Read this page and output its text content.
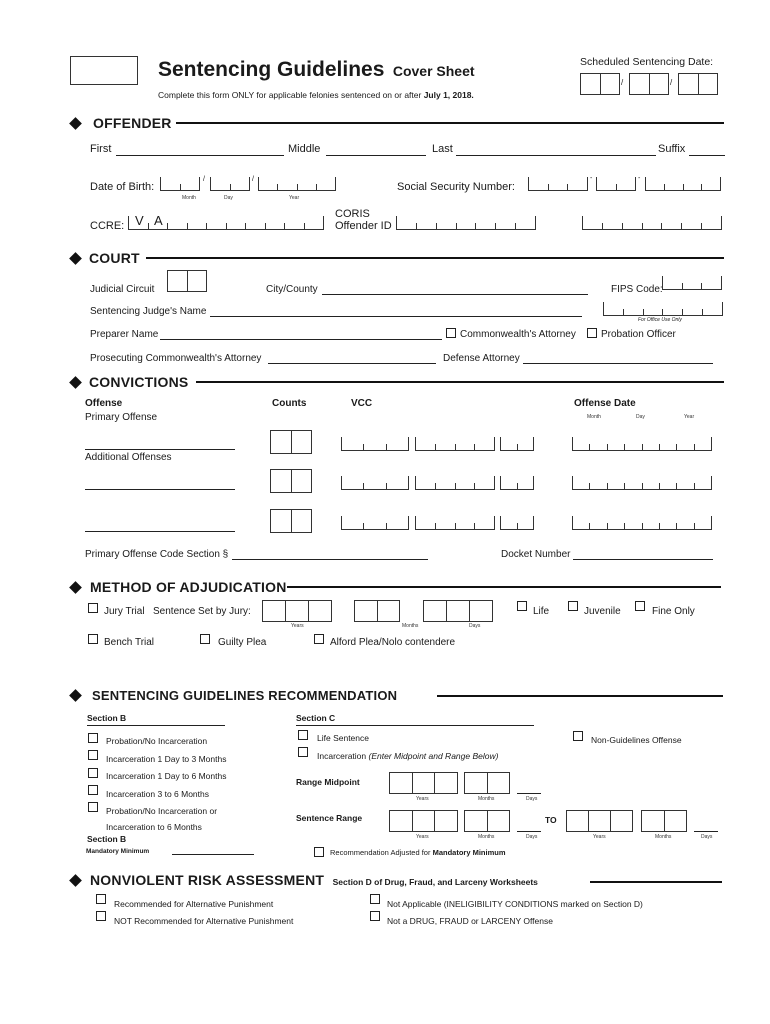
Sentencing Guidelines Cover Sheet
Complete this form ONLY for applicable felonies sentenced on or after July 1, 2018.
Scheduled Sentencing Date:
/	/
OFFENDER
First	Middle	Last	Suffix
Date of Birth:
/	/
Month	Day	Year
Social Security Number:
-	-
CCRE: V A	CORIS
Offender ID
COURT
Judicial Circuit	City/County	FIPS Code:
Sentencing Judge's Name
For Office Use Only
Preparer Name	Commonwealth's Attorney	Probation Officer
Prosecuting Commonwealth's Attorney	Defense Attorney
CONVICTIONS
Offense	Counts	VCC	Offense Date
Primary Offense	Month	Day	Year
Additional Offenses
Primary Offense Code Section §	Docket Number
METHOD OF ADJUDICATION
Jury Trial Sentence Set by Jury:
Years	Months	Days
Life	Juvenile	Fine Only
Bench Trial	Guilty Plea	Alford Plea/Nolo contendere
SENTENCING GUIDELINES RECOMMENDATION
Section B
Probation/No Incarceration
Incarceration 1 Day to 3 Months
Incarceration 1 Day to 6 Months
Incarceration 3 to 6 Months
Probation/No Incarceration or
Incarceration to 6 Months
Section B
Mandatory Minimum
Section C
Life Sentence
Incarceration (Enter Midpoint and Range Below)
Non-Guidelines Offense
Range Midpoint
Years	Months	Days
Sentence Range
Years	Months	Days
TO
Years	Months	Days
Recommendation Adjusted for Mandatory Minimum
NONVIOLENT RISK ASSESSMENT Section D of Drug, Fraud, and Larceny Worksheets
Recommended for Alternative Punishment
NOT Recommended for Alternative Punishment
Not Applicable (INELIGIBILITY CONDITIONS marked on Section D)
Not a DRUG, FRAUD or LARCENY Offense
